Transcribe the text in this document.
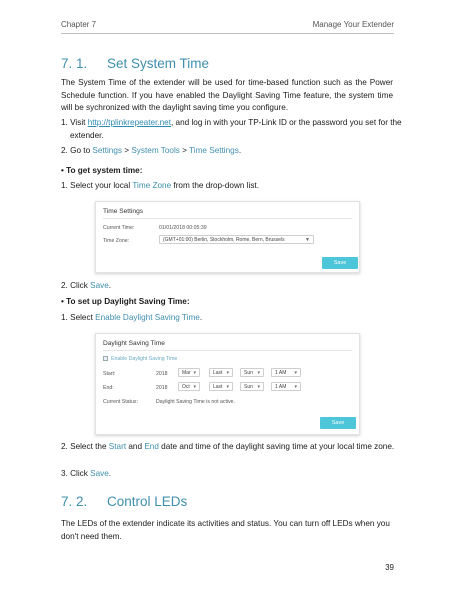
Chapter 7	Manage Your Extender
7. 1. Set System Time
The System Time of the extender will be used for time-based function such as the Power Schedule function. If you have enabled the Daylight Saving Time feature, the system time will be sychronized with the daylight saving time you configure.
1. Visit http://tplinkrepeater.net, and log in with your TP-Link ID or the password you set for the extender.
2. Go to Settings > System Tools > Time Settings.
• To get system time:
1. Select your local Time Zone from the drop-down list.
Time Settings
Current Time:	01/01/2018 00:05:39
Time Zone:	(GMT+01:00) Berlin, Stockholm, Rome, Bern, Brussels	▼
Save
2. Click Save.
• To set up Daylight Saving Time:
1. Select Enable Daylight Saving Time.
Daylight Saving Time
Enable Daylight Saving Time
Start:	2018	Mar ▾	Last ▾	Sun ▾	1 AM ▾
End:	2018	Oct ▾	Last ▾	Sun ▾	1 AM ▾
Current Status:	Daylight Saving Time is not active.
Save
2. Select the Start and End date and time of the daylight saving time at your local time zone.
3. Click Save.
7. 2. Control LEDs
The LEDs of the extender indicate its activities and status. You can turn off LEDs when you don't need them.
39
